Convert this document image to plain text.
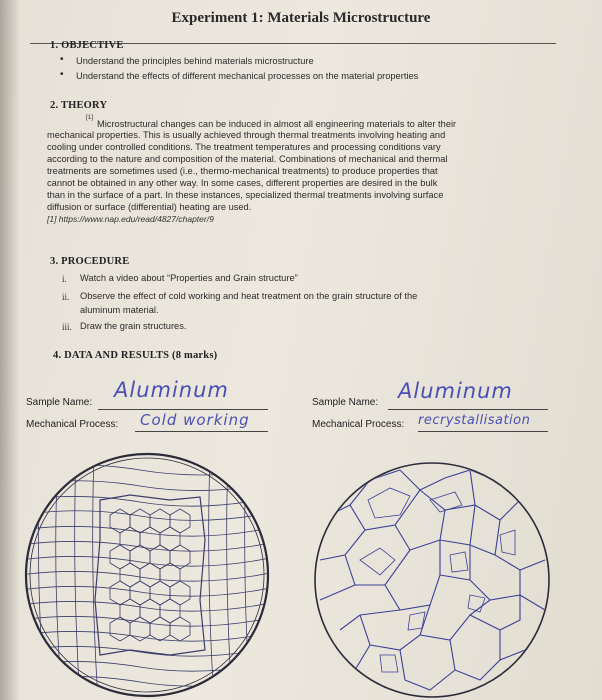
Experiment 1: Materials Microstructure
1. OBJECTIVE
• Understand the principles behind materials microstructure
• Understand the effects of different mechanical processes on the material properties
2. THEORY
[1]
Microstructural changes can be induced in almost all engineering materials to alter their
mechanical properties. This is usually achieved through thermal treatments involving heating and
cooling under controlled conditions. The treatment temperatures and processing conditions vary
according to the nature and composition of the material. Combinations of mechanical and thermal
treatments are sometimes used (i.e., thermo-mechanical treatments) to produce properties that
cannot be obtained in any other way. In some cases, different properties are desired in the bulk
than in the surface of a part. In these instances, specialized thermal treatments involving surface
diffusion or surface (differential) heating are used.
[1] https://www.nap.edu/read/4827/chapter/9
3. PROCEDURE
i. Watch a video about “Properties and Grain structure”
ii. Observe the effect of cold working and heat treatment on the grain structure of the
aluminum material.
iii. Draw the grain structures.
4. DATA AND RESULTS (8 marks)
Sample Name:
Aluminum
Mechanical Process: Cold working
Sample Name: Aluminum
Mechanical Process: recrystallisation
